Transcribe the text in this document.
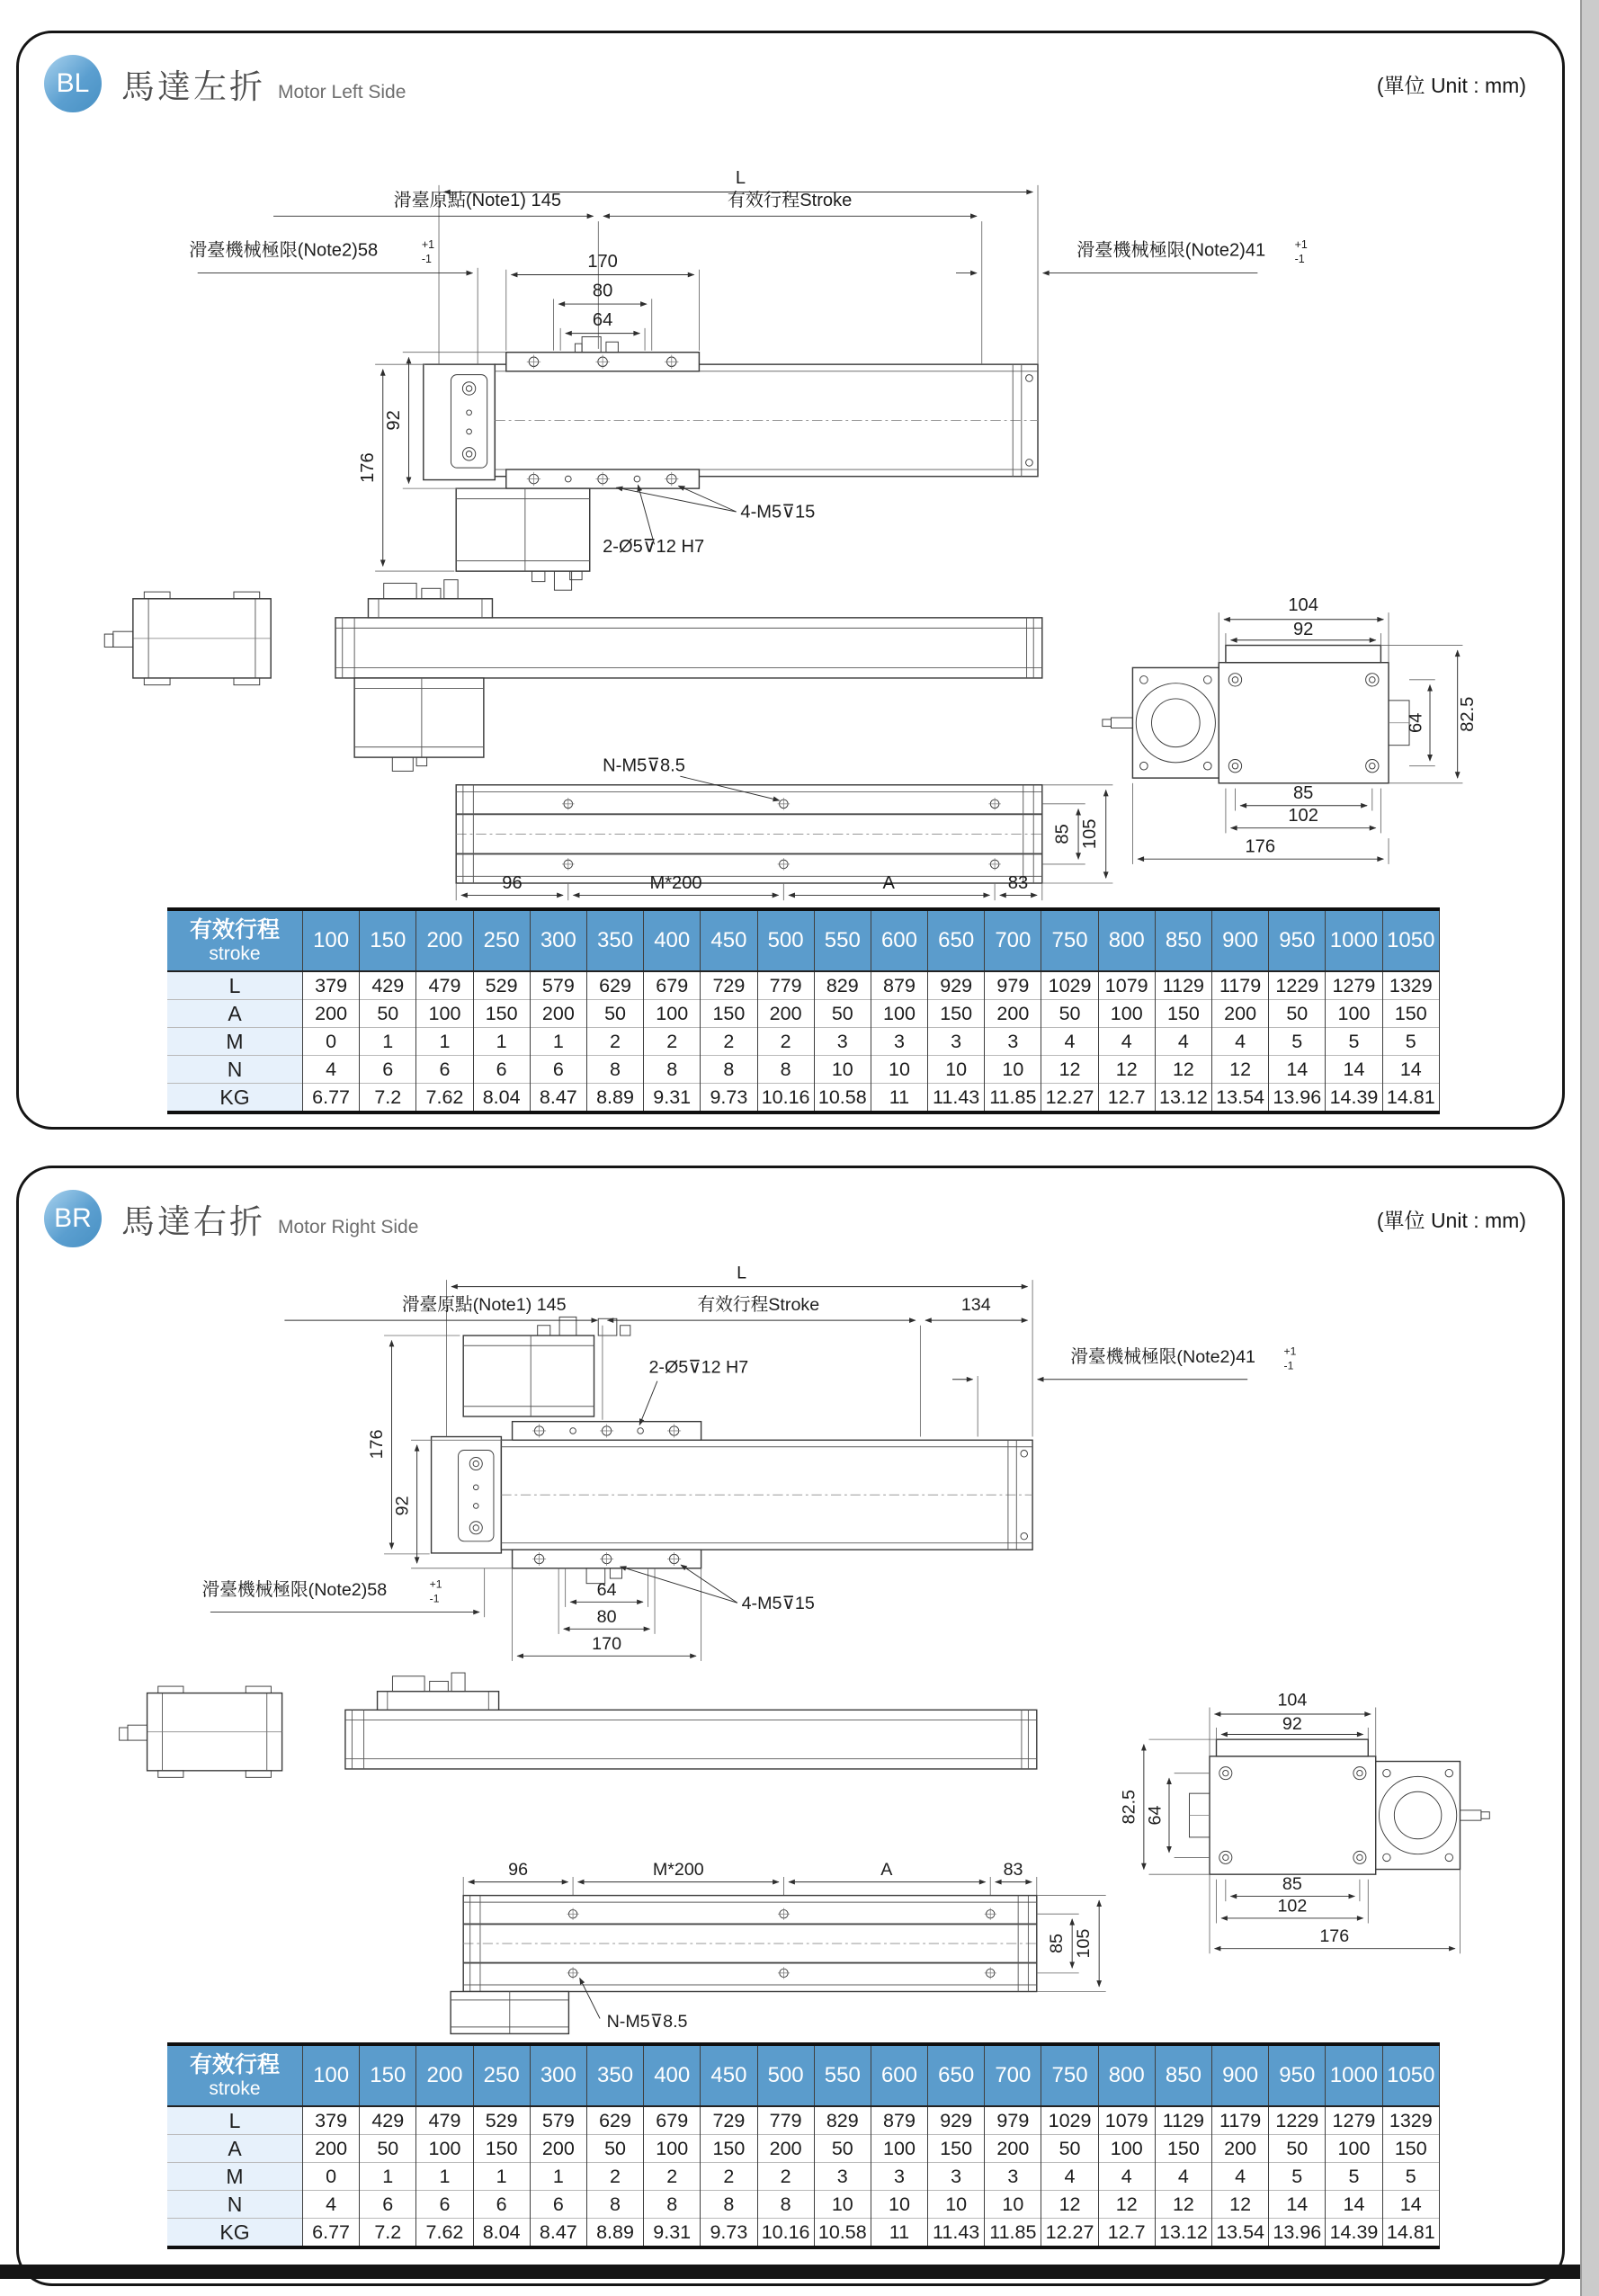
BL 馬達左折 Motor Left Side	(單位 Unit : mm)
L
滑臺原點(Note1) 145	有效行程Stroke
滑臺機械極限(Note2)58	+1
-1	滑臺機械極限(Note2)41 +1
-1
170
80
64
176
92
4-M5⊽15
2-Ø5⊽12 H7
N-M5⊽8.5
96	M*200	A	83
85 105
104
92
64 82.5
85
102
176
有效行程
stroke	100	150	200	250	300	350	400	450	500	550	600	650	700	750	800	850	900	950	1000	1050
L	379	429	479	529	579	629	679	729	779	829	879	929	979	1029	1079	1129	1179	1229	1279	1329
A	200	50	100	150	200	50	100	150	200	50	100	150	200	50	100	150	200	50	100	150
M	0	1	1	1	1	2	2	2	2	3	3	3	3	4	4	4	4	5	5	5
N	4	6	6	6	6	8	8	8	8	10	10	10	10	12	12	12	12	14	14	14
KG	6.77	7.2	7.62	8.04	8.47	8.89	9.31	9.73	10.16	10.58	11	11.43	11.85	12.27	12.7	13.12	13.54	13.96	14.39	14.81
BR 馬達右折 Motor Right Side	(單位 Unit : mm)
L
滑臺原點(Note1) 145	有效行程Stroke	134
滑臺機械極限(Note2)41 +1
-1
2-Ø5⊽12 H7
176
92
64
80
170
滑臺機械極限(Note2)58	+1
-1	4-M5⊽15
96	M*200	A	83
N-M5⊽8.5
85 105
104
92
64
82.5
85
102
176
有效行程
stroke	100	150	200	250	300	350	400	450	500	550	600	650	700	750	800	850	900	950	1000	1050
L	379	429	479	529	579	629	679	729	779	829	879	929	979	1029	1079	1129	1179	1229	1279	1329
A	200	50	100	150	200	50	100	150	200	50	100	150	200	50	100	150	200	50	100	150
M	0	1	1	1	1	2	2	2	2	3	3	3	3	4	4	4	4	5	5	5
N	4	6	6	6	6	8	8	8	8	10	10	10	10	12	12	12	12	14	14	14
KG	6.77	7.2	7.62	8.04	8.47	8.89	9.31	9.73	10.16	10.58	11	11.43	11.85	12.27	12.7	13.12	13.54	13.96	14.39	14.81
